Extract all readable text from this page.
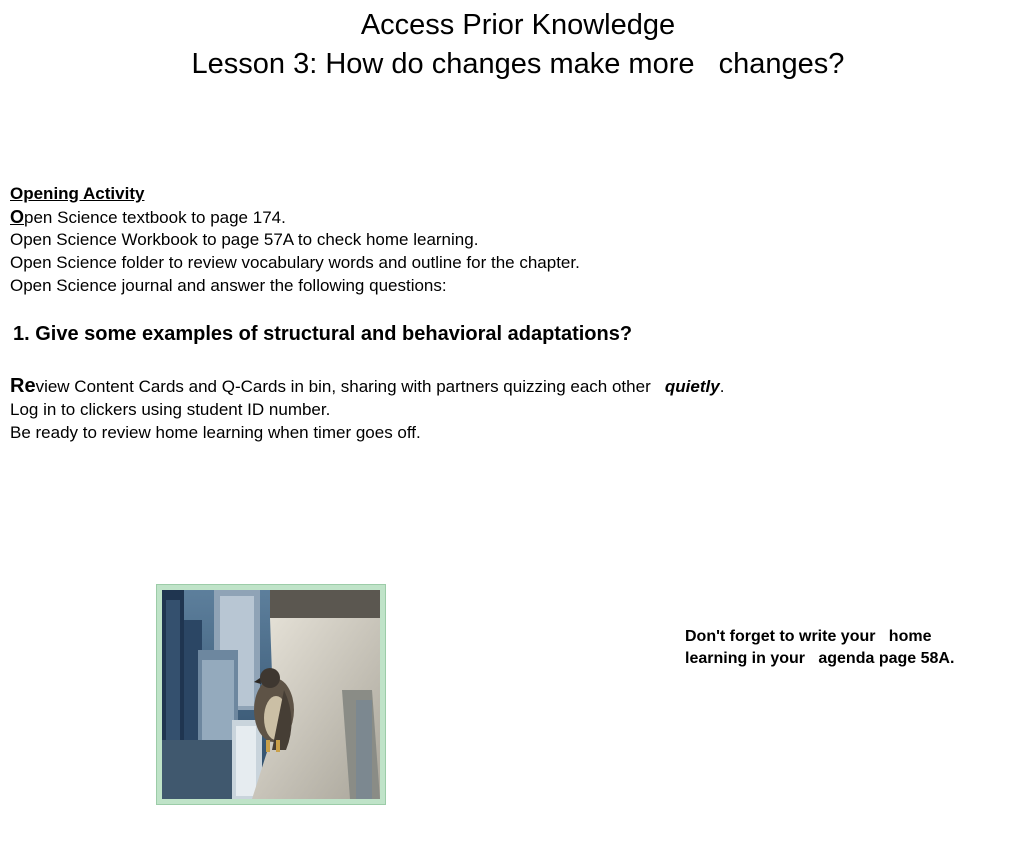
Access Prior Knowledge
Lesson 3: How do changes make more   changes?
Opening Activity
Open Science textbook to page 174.
Open Science Workbook to page 57A to check home learning.
Open Science folder to review vocabulary words and outline for the chapter.
Open Science journal and answer the following questions:
1. Give some examples of structural and behavioral adaptations?
Review Content Cards and Q-Cards in bin, sharing with partners quizzing each other   quietly.
Log in to clickers using student ID number.
Be ready to review home learning when timer goes off.
Don't forget to write your   home
learning in your   agenda page 58A.
